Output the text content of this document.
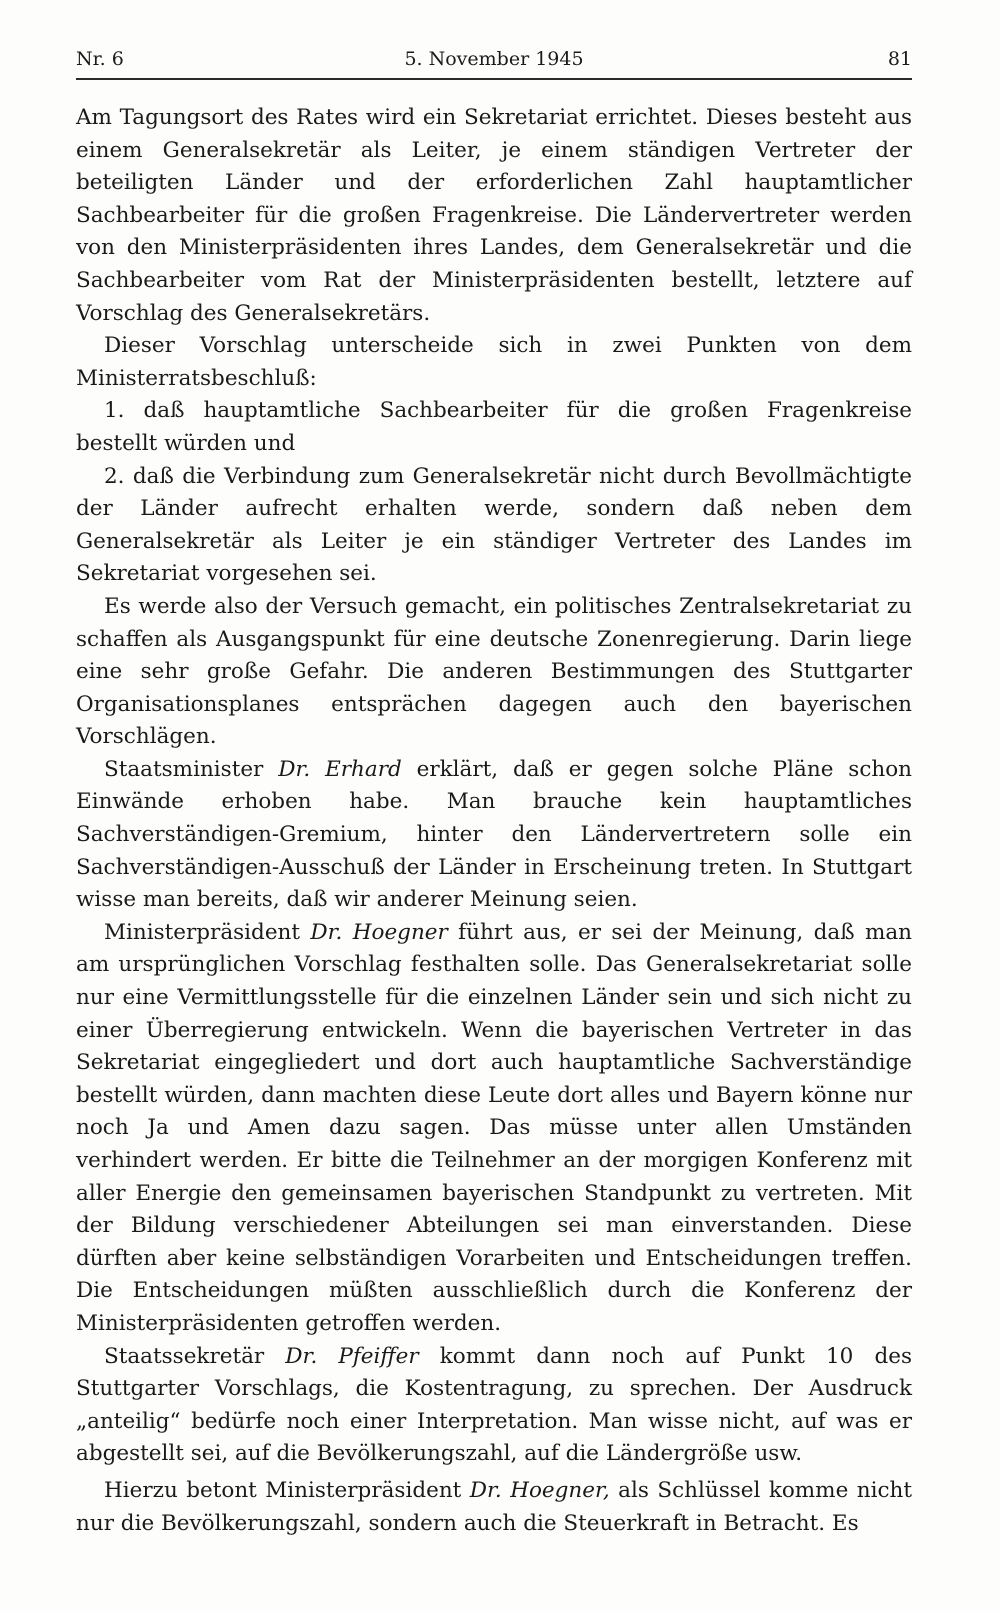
Nr. 6	5. November 1945	81

Am Tagungsort des Rates wird ein Sekretariat errichtet. Dieses besteht aus einem Generalsekretär als Leiter, je einem ständigen Vertreter der beteiligten Länder und der erforderlichen Zahl hauptamtlicher Sachbearbeiter für die großen Fragenkreise. Die Ländervertreter werden von den Ministerpräsidenten ihres Landes, dem Generalsekretär und die Sachbearbeiter vom Rat der Ministerpräsidenten bestellt, letztere auf Vorschlag des Generalsekretärs.

Dieser Vorschlag unterscheide sich in zwei Punkten von dem Ministerratsbeschluß:

1. daß hauptamtliche Sachbearbeiter für die großen Fragenkreise bestellt würden und

2. daß die Verbindung zum Generalsekretär nicht durch Bevollmächtigte der Länder aufrecht erhalten werde, sondern daß neben dem Generalsekretär als Leiter je ein ständiger Vertreter des Landes im Sekretariat vorgesehen sei.

Es werde also der Versuch gemacht, ein politisches Zentralsekretariat zu schaffen als Ausgangspunkt für eine deutsche Zonenregierung. Darin liege eine sehr große Gefahr. Die anderen Bestimmungen des Stuttgarter Organisationsplanes entsprächen dagegen auch den bayerischen Vorschlägen.

Staatsminister Dr. Erhard erklärt, daß er gegen solche Pläne schon Einwände erhoben habe. Man brauche kein hauptamtliches Sachverständigen-Gremium, hinter den Ländervertretern solle ein Sachverständigen-Ausschuß der Länder in Erscheinung treten. In Stuttgart wisse man bereits, daß wir anderer Meinung seien.

Ministerpräsident Dr. Hoegner führt aus, er sei der Meinung, daß man am ursprünglichen Vorschlag festhalten solle. Das Generalsekretariat solle nur eine Vermittlungsstelle für die einzelnen Länder sein und sich nicht zu einer Überregierung entwickeln. Wenn die bayerischen Vertreter in das Sekretariat eingegliedert und dort auch hauptamtliche Sachverständige bestellt würden, dann machten diese Leute dort alles und Bayern könne nur noch Ja und Amen dazu sagen. Das müsse unter allen Umständen verhindert werden. Er bitte die Teilnehmer an der morgigen Konferenz mit aller Energie den gemeinsamen bayerischen Standpunkt zu vertreten. Mit der Bildung verschiedener Abteilungen sei man einverstanden. Diese dürften aber keine selbständigen Vorarbeiten und Entscheidungen treffen. Die Entscheidungen müßten ausschließlich durch die Konferenz der Ministerpräsidenten getroffen werden.

Staatssekretär Dr. Pfeiffer kommt dann noch auf Punkt 10 des Stuttgarter Vorschlags, die Kostentragung, zu sprechen. Der Ausdruck „anteilig“ bedürfe noch einer Interpretation. Man wisse nicht, auf was er abgestellt sei, auf die Bevölkerungszahl, auf die Ländergröße usw.

Hierzu betont Ministerpräsident Dr. Hoegner, als Schlüssel komme nicht nur die Bevölkerungszahl, sondern auch die Steuerkraft in Betracht. Es
